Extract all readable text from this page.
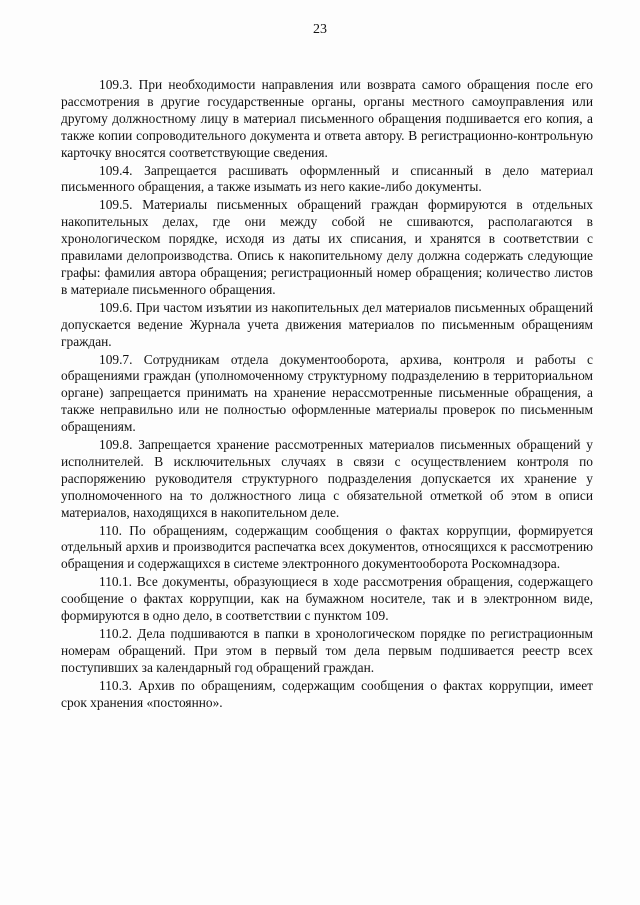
23

109.3. При необходимости направления или возврата самого обращения после его рассмотрения в другие государственные органы, органы местного самоуправления или другому должностному лицу в материал письменного обращения подшивается его копия, а также копии сопроводительного документа и ответа автору. В регистрационно-контрольную карточку вносятся соответствующие сведения.

109.4. Запрещается расшивать оформленный и списанный в дело материал письменного обращения, а также изымать из него какие-либо документы.

109.5. Материалы письменных обращений граждан формируются в отдельных накопительных делах, где они между собой не сшиваются, располагаются в хронологическом порядке, исходя из даты их списания, и хранятся в соответствии с правилами делопроизводства. Опись к накопительному делу должна содержать следующие графы: фамилия автора обращения; регистрационный номер обращения; количество листов в материале письменного обращения.

109.6. При частом изъятии из накопительных дел материалов письменных обращений допускается ведение Журнала учета движения материалов по письменным обращениям граждан.

109.7. Сотрудникам отдела документооборота, архива, контроля и работы с обращениями граждан (уполномоченному структурному подразделению в территориальном органе) запрещается принимать на хранение нерассмотренные письменные обращения, а также неправильно или не полностью оформленные материалы проверок по письменным обращениям.

109.8. Запрещается хранение рассмотренных материалов письменных обращений у исполнителей. В исключительных случаях в связи с осуществлением контроля по распоряжению руководителя структурного подразделения допускается их хранение у уполномоченного на то должностного лица с обязательной отметкой об этом в описи материалов, находящихся в накопительном деле.

110. По обращениям, содержащим сообщения о фактах коррупции, формируется отдельный архив и производится распечатка всех документов, относящихся к рассмотрению обращения и содержащихся в системе электронного документооборота Роскомнадзора.

110.1. Все документы, образующиеся в ходе рассмотрения обращения, содержащего сообщение о фактах коррупции, как на бумажном носителе, так и в электронном виде, формируются в одно дело, в соответствии с пунктом 109.

110.2. Дела подшиваются в папки в хронологическом порядке по регистрационным номерам обращений. При этом в первый том дела первым подшивается реестр всех поступивших за календарный год обращений граждан.

110.3. Архив по обращениям, содержащим сообщения о фактах коррупции, имеет срок хранения «постоянно».
